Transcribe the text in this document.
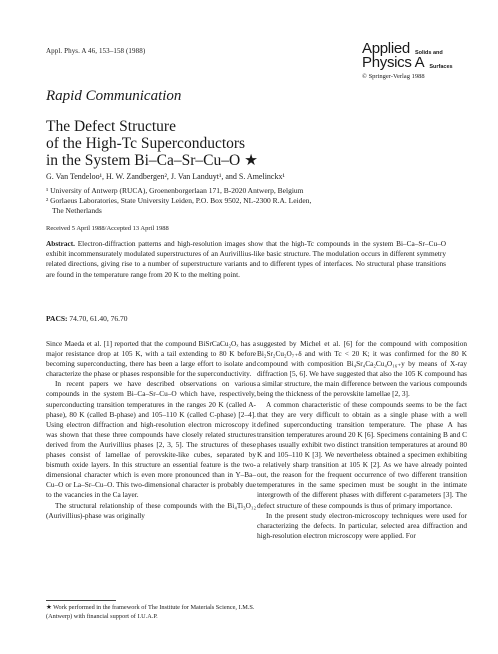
Appl. Phys. A 46, 153–158 (1988)	Applied Solids and
Physics A Surfaces
© Springer-Verlag 1988
Rapid Communication
The Defect Structure
of the High-Tc Superconductors
in the System Bi–Ca–Sr–Cu–O ★
G. Van Tendeloo¹, H. W. Zandbergen², J. Van Landuyt¹, and S. Amelinckx¹
¹ University of Antwerp (RUCA), Groenenborgerlaan 171, B-2020 Antwerp, Belgium
² Gorlaeus Laboratories, State University Leiden, P.O. Box 9502, NL-2300 R.A. Leiden,
The Netherlands
Received 5 April 1988/Accepted 13 April 1988
Abstract. Electron-diffraction patterns and high-resolution images show that the high-Tc compounds in the system Bi–Ca–Sr–Cu–O exhibit incommensurately modulated superstructures of an Aurivillius-like basic structure. The modulation occurs in different symmetry related directions, giving rise to a number of superstructure variants and to different types of interfaces. No structural phase transitions are found in the temperature range from 20 K to the melting point.
PACS: 74.70, 61.40, 76.70

Since Maeda et al. [1] reported that the compound BiSrCaCu₂Oₓ has a major resistance drop at 105 K, with a tail extending to 80 K before becoming superconducting, there has been a large effort to isolate and characterize the phase or phases responsible for the superconductivity.

In recent papers we have described observations on various compounds in the system Bi–Ca–Sr–Cu–O which have, respectively, superconducting transition temperatures in the ranges 20 K (called A-phase), 80 K (called B-phase) and 105–110 K (called C-phase) [2–4]. Using electron diffraction and high-resolution electron microscopy it was shown that these three compounds have closely related structures derived from the Aurivillius phases [2, 3, 5]. The structures of these phases consist of lamellae of perovskite-like cubes, separated by bismuth oxide layers. In this structure an essential feature is the two-dimensional character which is even more pronounced than in Y–Ba–Cu–O or La–Sr–Cu–O. This two-dimensional character is probably due to the vacancies in the Ca layer.

The structural relationship of these compounds with the Bi₄Ti₃O₁₂ (Aurivillius)-phase was originally

★ Work performed in the framework of The Institute for Materials Science, I.M.S. (Antwerp) with financial support of I.U.A.P.

suggested by Michel et al. [6] for the compound with composition Bi₂Sr₂Cu₂O₇₊δ and with Tc < 20 K; it was confirmed for the 80 K compound with composition Bi₄Sr₄Ca₂Cu₄O₁₆₊y by means of X-ray diffraction [5, 6]. We have suggested that also the 105 K compound has a similar structure, the main difference between the various compounds being the thickness of the perovskite lamellae [2, 3].

A common characteristic of these compounds seems to be the fact that they are very difficult to obtain as a single phase with a well defined superconducting transition temperature. The phase A has transition temperatures around 20 K [6]. Specimens containing B and C phases usually exhibit two distinct transition temperatures at around 80 K and 105–110 K [3]. We nevertheless obtained a specimen exhibiting a relatively sharp transition at 105 K [2]. As we have already pointed out, the reason for the frequent occurrence of two different transition temperatures in the same specimen must be sought in the intimate intergrowth of the different phases with different c-parameters [3]. The defect structure of these compounds is thus of primary importance.

In the present study electron-microscopy techniques were used for characterizing the defects. In particular, selected area diffraction and high-resolution electron microscopy were applied. For
